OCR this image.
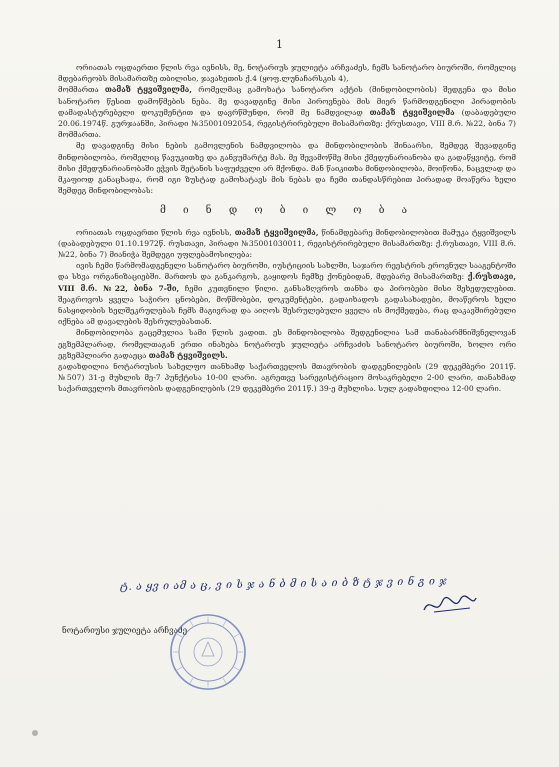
1

ორიათას ოცდაერთი წლის რვა ივნისს, მე, ნოტარიუს ჯულიეტა არჩვაძეს, ჩემს სანოტარო ბიუროში, რომელიც მდებარეობს მისამართზე თბილისი, ჯავახეთის ქ.4 (ყოფ.ლუნაჩარსკის 4),

მომმართა თამაზ ტყვიშვილმა, რომელმაც გამოხატა სანოტარო აქტის (მინდობილობის) შედგენა და მისი სანოტარო წესით დამოწმების ნება. მე დავადგინე მისი პიროვნება მის მიერ წარმოდგენილი პირადობის დამადასტურებელი დოკუმენტით და დავრწმუნდი, რომ მე ნამდვილად თამაზ ტყვიშვილმა (დაბადებული 20.06.1974წ. გურჯაანში, პირადი №35001092054, რეგისტრირებული მისამართზე: ქრუსთავი, VIII მ.რ. №22, ბინა 7) მომმართა.

მე დავადგინე მისი ნების გამოვლენის ნამდვილობა და მინდობილობის შინაარსი, შემდეგ შევადგინე მინდობილობა, რომელიც წავუკითხე და განვუმარტე მას. მე შევამოწმე მისი ქმედუნარიანობა და გადაწყვიტე, რომ მისი ქმედუნარიანობაში ეჭვის შეტანის საფუძველი არ მქონდა. მან წაიკითხა მინდობილობა, მოიწონა, ნაცვლად და მკაფიოდ განაცხადა, რომ იგი ზუსტად გამოხატავს მის ნებას და ჩემი თანდასწრებით პირადად მოაწერა ხელი შემდეგ მინდობილობას:

მ ი ნ დ ო ბ ი ლ ო ბ ა

ორიათას ოცდაერთი წლის რვა ივნისს, თამაზ ტყვიშვილმა, წინამდებარე მინდობილობით მამუკა ტყვიშვილს (დაბადებული 01.10.1972წ. რუსთავი, პირადი №35001030011, რეგისტრირებული მისამართზე: ქ.რუსთავი, VIII მ.რ. №22, ბინა 7) მიანიჭა შემდეგი უფლებამოსილება:

ივის ჩემი წარმომადგენელი სანოტარო ბიუროში, იუსტიციის სახლში, საჯარო რეესტრის ეროვნულ სააგენტოში და სხვა ორგანიზაციებში. მართოს და განკარგოს, გაყიდოს ჩემზე ქონებიდან, მდებარე მისამართზე: ქ.რუსთავი, VIII მ.რ. №22, ბინა 7-ში, ჩემი კუთვნილი წილი. განსაზღვროს თანხა და პირობები მისი შეხედულებით. შეაგროვოს ყველა საჭირო ცნობები, მოწმობები, დოკუმენტები, გადაიხადოს გადასახადები, მოაწეროს ხელი ნასყიდობის ხელშეკრულებას ჩემს მაგივრად და აიღოს შესრულებული ყველა ის მოქმედება, რაც დაკავშირებული იქნება ამ დავალების შესრულებასთან.

მინდობილობა გაცემულია სამი წლის ვადით. ეს მინდობილობა შედგენილია სამ თანაბარმნიშვნელოვან ეგზემპლარად, რომელთაგან ერთი ინახება ნოტარიუს ჯულიეტა არჩვაძის სანოტარო ბიუროში, ხოლო ორი ეგზემპლიარი გადაეცა თამაზ ტყვიშვილს.

გადახდილია ნოტარიუსის სახელფო თანხამდ საქართველოს მთავრობის დადგენილების (29 დეკემბერი 2011წ. №507) 31-ე მუხლის მე-7 პუნქტისა 10-00 ლარი. აგრეთვე სარეგისტრაციო მოსაკრებელი 2-00 ლარი, თანახმად საქართველოს მთავრობის დადგენილების (29 დეკემბერი 2011წ.) 39-ე მუხლისა. სულ გადახდილია 12-00 ლარი.

ტ. ა ყვ ი ამ ა ც, ვ ი ს ჯ ა ნ ბ მ ი ს ა ი ბ ზ ტ ჯ ვ ი ნ გ ი ჯ
ნოტარიუსი ჯულიეტა არჩვაძე
